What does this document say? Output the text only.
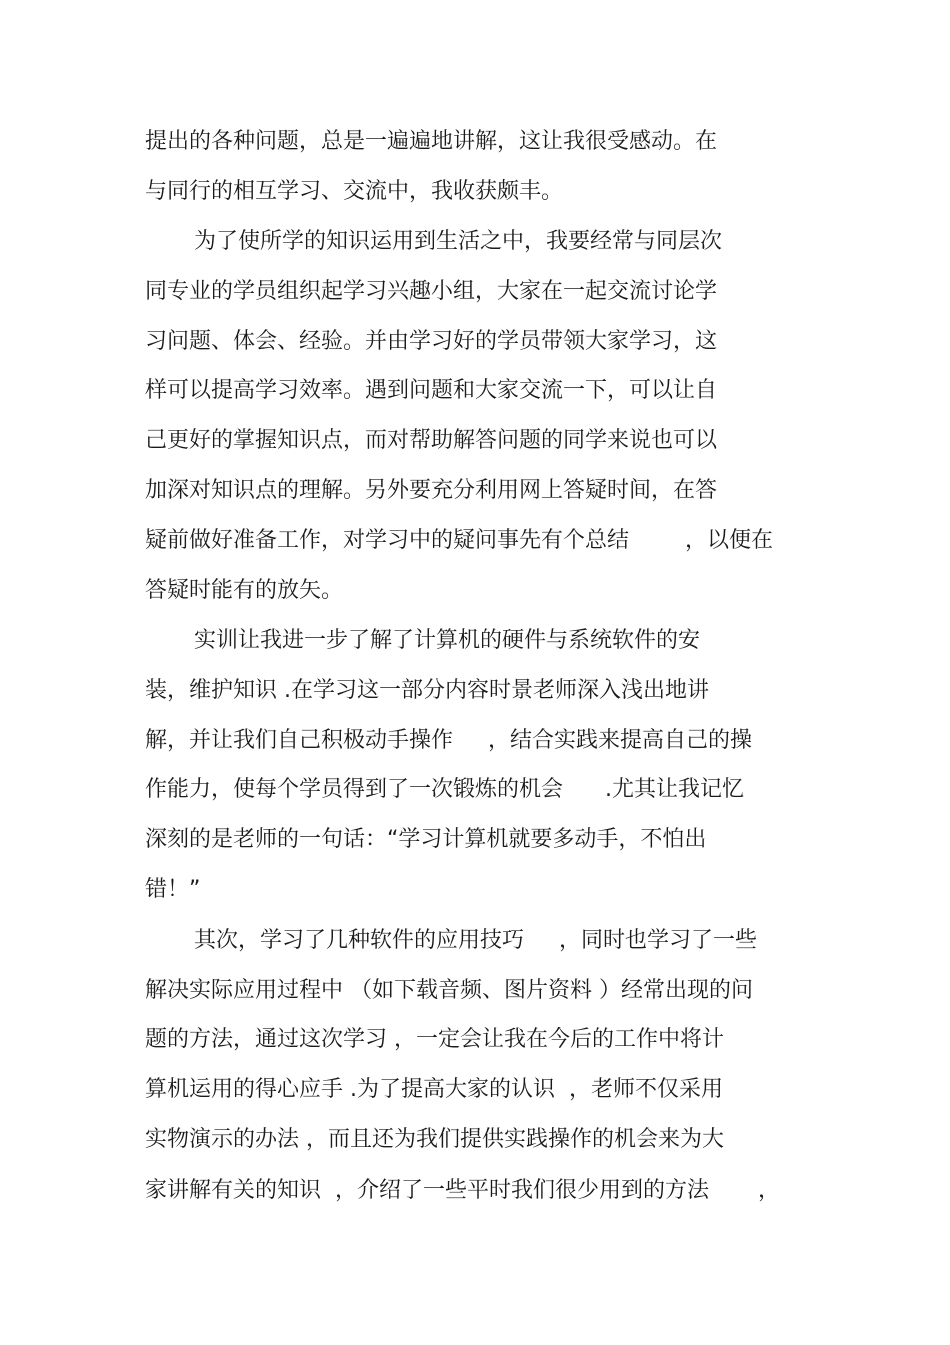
提出的各种问题，总是一遍遍地讲解，这让我很受感动。在
与同行的相互学习、交流中，我收获颇丰。
为了使所学的知识运用到生活之中，我要经常与同层次
同专业的学员组织起学习兴趣小组，大家在一起交流讨论学
习问题、体会、经验。并由学习好的学员带领大家学习，这
样可以提高学习效率。遇到问题和大家交流一下，可以让自
己更好的掌握知识点，而对帮助解答问题的同学来说也可以
加深对知识点的理解。另外要充分利用网上答疑时间，在答
疑前做好准备工作，对学习中的疑问事先有个总结        ，以便在
答疑时能有的放矢。
实训让我进一步了解了计算机的硬件与系统软件的安
装，维护知识 .在学习这一部分内容时景老师深入浅出地讲
解，并让我们自己积极动手操作     ，结合实践来提高自己的操
作能力，使每个学员得到了一次锻炼的机会      .尤其让我记忆
深刻的是老师的一句话：“学习计算机就要多动手，不怕出
错！”
其次，学习了几种软件的应用技巧     ，同时也学习了一些
解决实际应用过程中 （如下载音频、图片资料 ）经常出现的问
题的方法，通过这次学习 ，一定会让我在今后的工作中将计
算机运用的得心应手 .为了提高大家的认识  ，老师不仅采用
实物演示的办法 ，而且还为我们提供实践操作的机会来为大
家讲解有关的知识  ，介绍了一些平时我们很少用到的方法       ，
